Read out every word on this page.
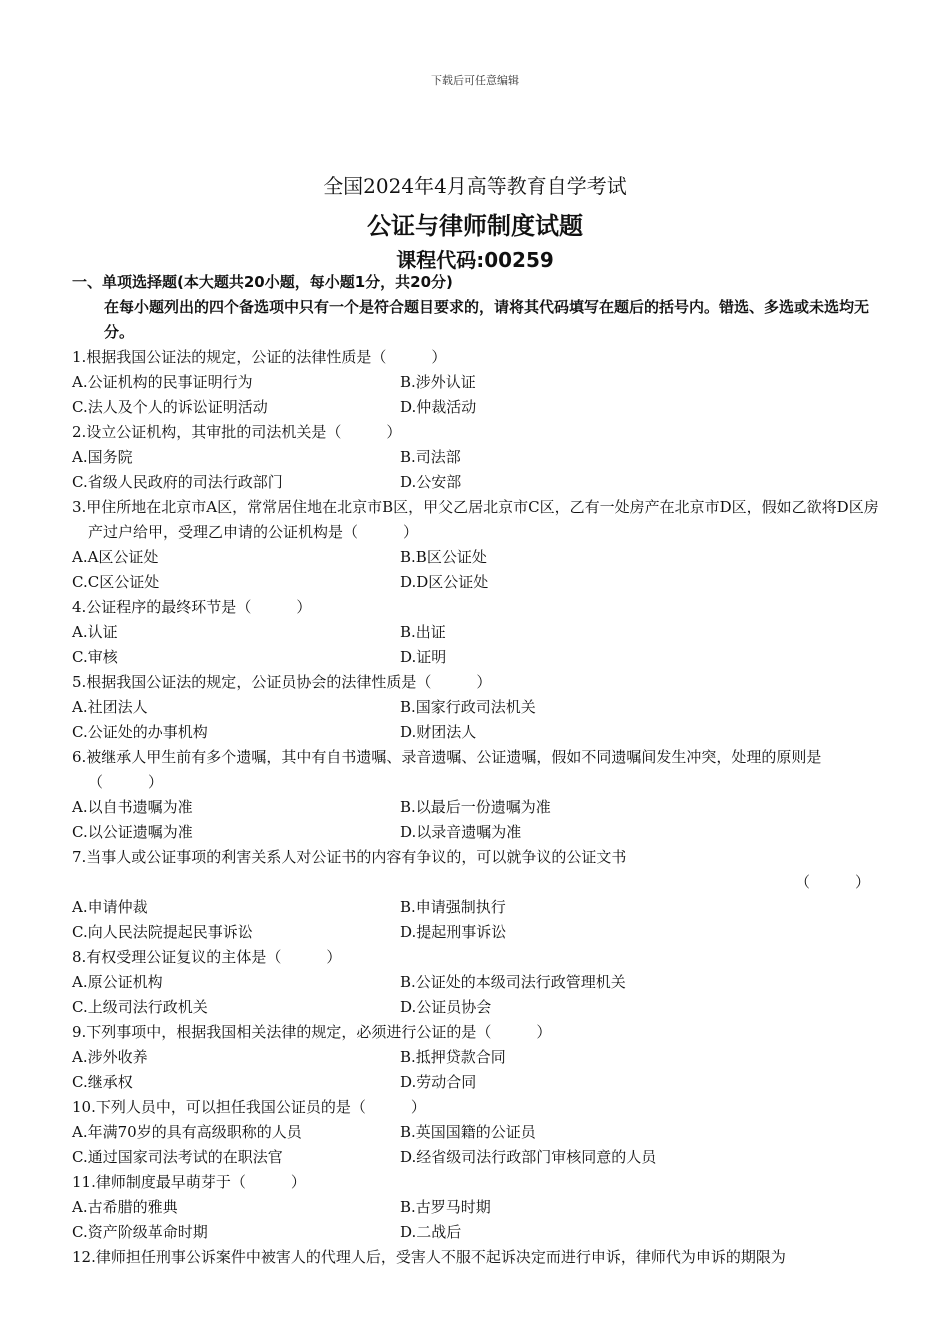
下载后可任意编辑
全国2024年4月高等教育自学考试
公证与律师制度试题
课程代码:00259
一、单项选择题(本大题共20小题，每小题1分，共20分)
在每小题列出的四个备选项中只有一个是符合题目要求的，请将其代码填写在题后的括号内。错选、多选或未选均无分。
1.根据我国公证法的规定，公证的法律性质是（　　　）
A.公证机构的民事证明行为	B.涉外认证
C.法人及个人的诉讼证明活动	D.仲裁活动
2.设立公证机构，其审批的司法机关是（　　　）
A.国务院	B.司法部
C.省级人民政府的司法行政部门	D.公安部
3.甲住所地在北京市A区，常常居住地在北京市B区，甲父乙居北京市C区，乙有一处房产在北京市D区，假如乙欲将D区房产过户给甲，受理乙申请的公证机构是（　　　）
A.A区公证处	B.B区公证处
C.C区公证处	D.D区公证处
4.公证程序的最终环节是（　　　）
A.认证	B.出证
C.审核	D.证明
5.根据我国公证法的规定，公证员协会的法律性质是（　　　）
A.社团法人	B.国家行政司法机关
C.公证处的办事机构	D.财团法人
6.被继承人甲生前有多个遗嘱，其中有自书遗嘱、录音遗嘱、公证遗嘱，假如不同遗嘱间发生冲突，处理的原则是（　　　）
A.以自书遗嘱为准	B.以最后一份遗嘱为准
C.以公证遗嘱为准	D.以录音遗嘱为准
7.当事人或公证事项的利害关系人对公证书的内容有争议的，可以就争议的公证文书
（　　　）
A.申请仲裁	B.申请强制执行
C.向人民法院提起民事诉讼	D.提起刑事诉讼
8.有权受理公证复议的主体是（　　　）
A.原公证机构	B.公证处的本级司法行政管理机关
C.上级司法行政机关	D.公证员协会
9.下列事项中，根据我国相关法律的规定，必须进行公证的是（　　　）
A.涉外收养	B.抵押贷款合同
C.继承权	D.劳动合同
10.下列人员中，可以担任我国公证员的是（　　　）
A.年满70岁的具有高级职称的人员	B.英国国籍的公证员
C.通过国家司法考试的在职法官	D.经省级司法行政部门审核同意的人员
11.律师制度最早萌芽于（　　　）
A.古希腊的雅典	B.古罗马时期
C.资产阶级革命时期	D.二战后
12.律师担任刑事公诉案件中被害人的代理人后，受害人不服不起诉决定而进行申诉，律师代为申诉的期限为
